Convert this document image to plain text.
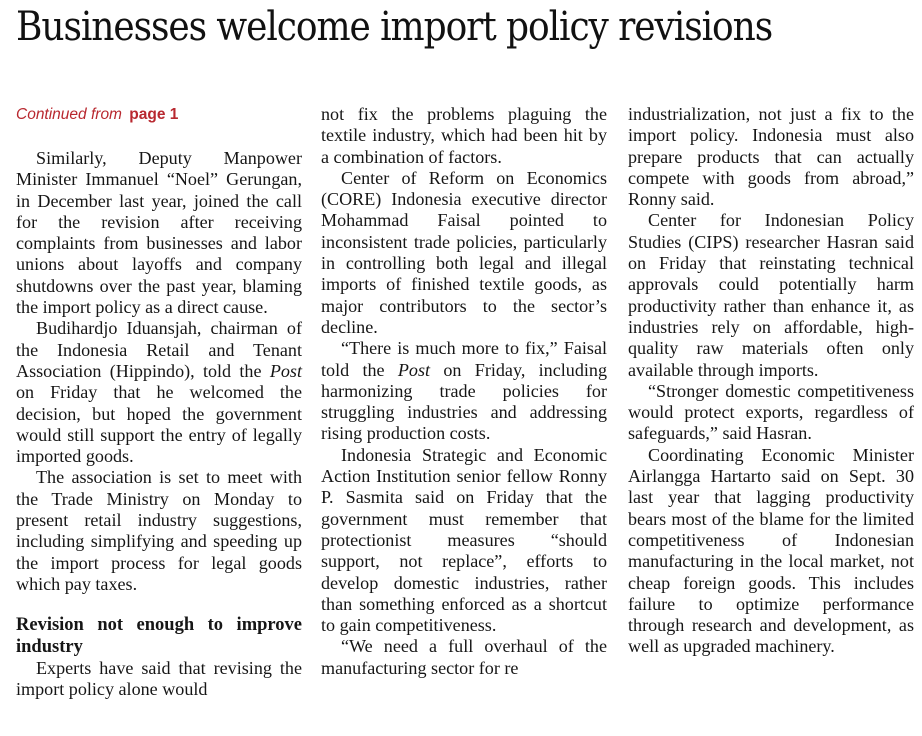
Businesses welcome import policy revisions
Continued from page 1

Similarly, Deputy Manpower Minister Immanuel “Noel” Gerungan, in December last year, joined the call for the revision after receiving complaints from businesses and labor unions about layoffs and company shutdowns over the past year, blaming the import policy as a direct cause.

Budihardjo Iduansjah, chairman of the Indonesia Retail and Tenant Association (Hippindo), told the Post on Friday that he welcomed the decision, but hoped the government would still support the entry of legally imported goods.

The association is set to meet with the Trade Ministry on Monday to present retail industry suggestions, including simplifying and speeding up the import process for legal goods which pay taxes.

Revision not enough to improve industry

Experts have said that revising the import policy alone would

not fix the problems plaguing the textile industry, which had been hit by a combination of factors.

Center of Reform on Economics (CORE) Indonesia executive director Mohammad Faisal pointed to inconsistent trade policies, particularly in controlling both legal and illegal imports of finished textile goods, as major contributors to the sector’s decline.

“There is much more to fix,” Faisal told the Post on Friday, including harmonizing trade policies for struggling industries and addressing rising production costs.

Indonesia Strategic and Economic Action Institution senior fellow Ronny P. Sasmita said on Friday that the government must remember that protectionist measures “should support, not replace”, efforts to develop domestic industries, rather than something enforced as a shortcut to gain competitiveness.

“We need a full overhaul of the manufacturing sector for re

industrialization, not just a fix to the import policy. Indonesia must also prepare products that can actually compete with goods from abroad,” Ronny said.

Center for Indonesian Policy Studies (CIPS) researcher Hasran said on Friday that reinstating technical approvals could potentially harm productivity rather than enhance it, as industries rely on affordable, high-quality raw materials often only available through imports.

“Stronger domestic competitiveness would protect exports, regardless of safeguards,” said Hasran.

Coordinating Economic Minister Airlangga Hartarto said on Sept. 30 last year that lagging productivity bears most of the blame for the limited competitiveness of Indonesian manufacturing in the local market, not cheap foreign goods. This includes failure to optimize performance through research and development, as well as upgraded machinery.
